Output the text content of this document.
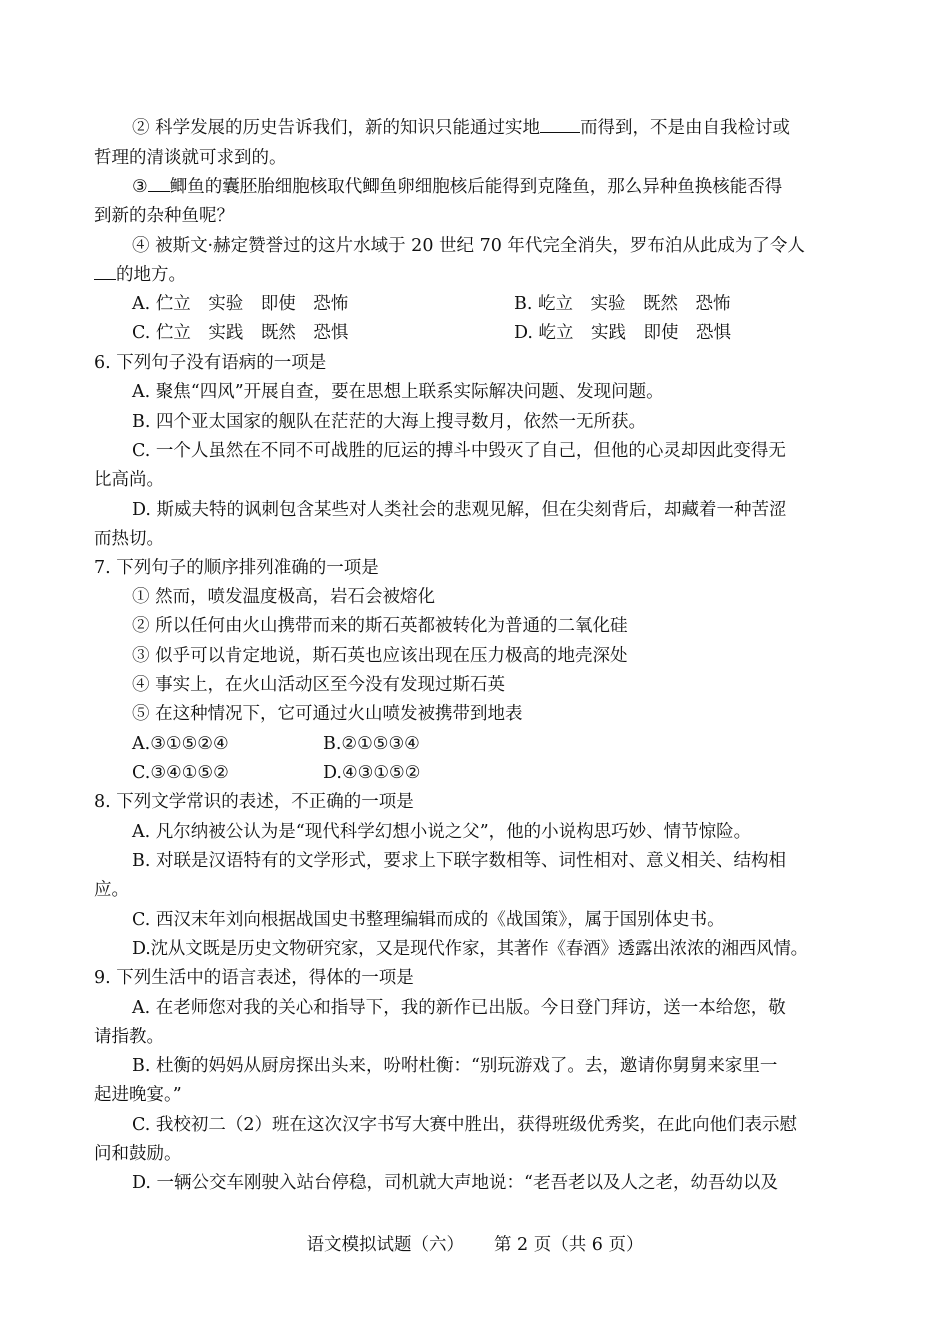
② 科学发展的历史告诉我们，新的知识只能通过实地 而得到，不是由自我检讨或
哲理的清谈就可求到的。
③ 鲫鱼的囊胚胎细胞核取代鲫鱼卵细胞核后能得到克隆鱼，那么异种鱼换核能否得
到新的杂种鱼呢？
④ 被斯文·赫定赞誉过的这片水域于 20 世纪 70 年代完全消失，罗布泊从此成为了令人
的地方。
A. 伫立　实验　即使　恐怖	B. 屹立　实验　既然　恐怖
C. 伫立　实践　既然　恐惧	D. 屹立　实践　即使　恐惧
6. 下列句子没有语病的一项是
A. 聚焦“四风”开展自查，要在思想上联系实际解决问题、发现问题。
B. 四个亚太国家的舰队在茫茫的大海上搜寻数月，依然一无所获。
C. 一个人虽然在不同不可战胜的厄运的搏斗中毁灭了自己，但他的心灵却因此变得无
比高尚。
D. 斯威夫特的讽刺包含某些对人类社会的悲观见解，但在尖刻背后，却藏着一种苦涩
而热切。
7. 下列句子的顺序排列准确的一项是
① 然而，喷发温度极高，岩石会被熔化
② 所以任何由火山携带而来的斯石英都被转化为普通的二氧化硅
③ 似乎可以肯定地说，斯石英也应该出现在压力极高的地壳深处
④ 事实上，在火山活动区至今没有发现过斯石英
⑤ 在这种情况下，它可通过火山喷发被携带到地表
A.③①⑤②④	B.②①⑤③④
C.③④①⑤②	D.④③①⑤②
8. 下列文学常识的表述，不正确的一项是
A. 凡尔纳被公认为是“现代科学幻想小说之父”，他的小说构思巧妙、情节惊险。
B. 对联是汉语特有的文学形式，要求上下联字数相等、词性相对、意义相关、结构相
应。
C. 西汉末年刘向根据战国史书整理编辑而成的《战国策》，属于国别体史书。
D.沈从文既是历史文物研究家，又是现代作家，其著作《春酒》透露出浓浓的湘西风情。
9. 下列生活中的语言表述，得体的一项是
A. 在老师您对我的关心和指导下，我的新作已出版。今日登门拜访，送一本给您，敬
请指教。
B. 杜衡的妈妈从厨房探出头来，吩咐杜衡：“别玩游戏了。去，邀请你舅舅来家里一
起进晚宴。”
C. 我校初二（2）班在这次汉字书写大赛中胜出，获得班级优秀奖，在此向他们表示慰
问和鼓励。
D. 一辆公交车刚驶入站台停稳，司机就大声地说：“老吾老以及人之老，幼吾幼以及
语文模拟试题（六） 第 2 页（共 6 页）
